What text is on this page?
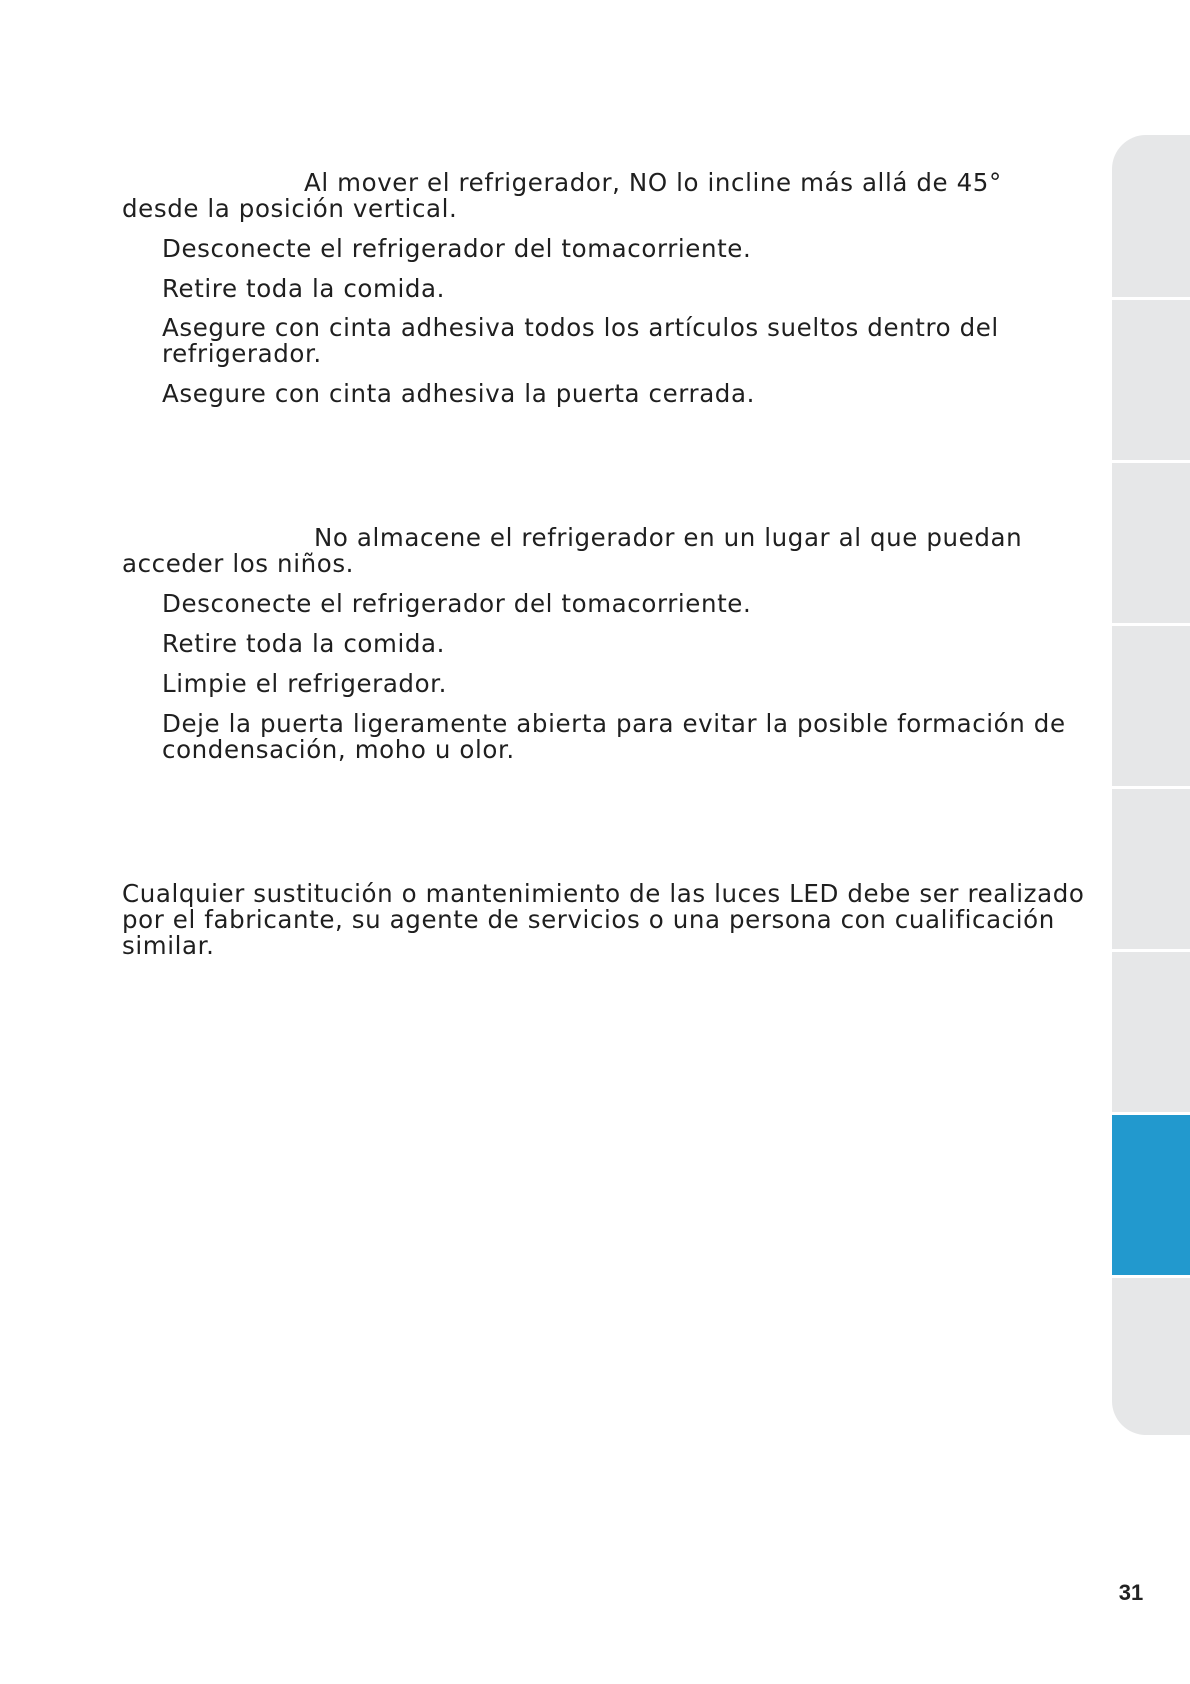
Al mover el refrigerador, NO lo incline más allá de 45°

desde la posición vertical.

Desconecte el refrigerador del tomacorriente.

Retire toda la comida.

Asegure con cinta adhesiva todos los artículos sueltos dentro del

refrigerador.

Asegure con cinta adhesiva la puerta cerrada.

No almacene el refrigerador en un lugar al que puedan

acceder los niños.

Desconecte el refrigerador del tomacorriente.

Retire toda la comida.

Limpie el refrigerador.

Deje la puerta ligeramente abierta para evitar la posible formación de

condensación, moho u olor.

Cualquier sustitución o mantenimiento de las luces LED debe ser realizado

por el fabricante, su agente de servicios o una persona con cualificación

similar.

31
